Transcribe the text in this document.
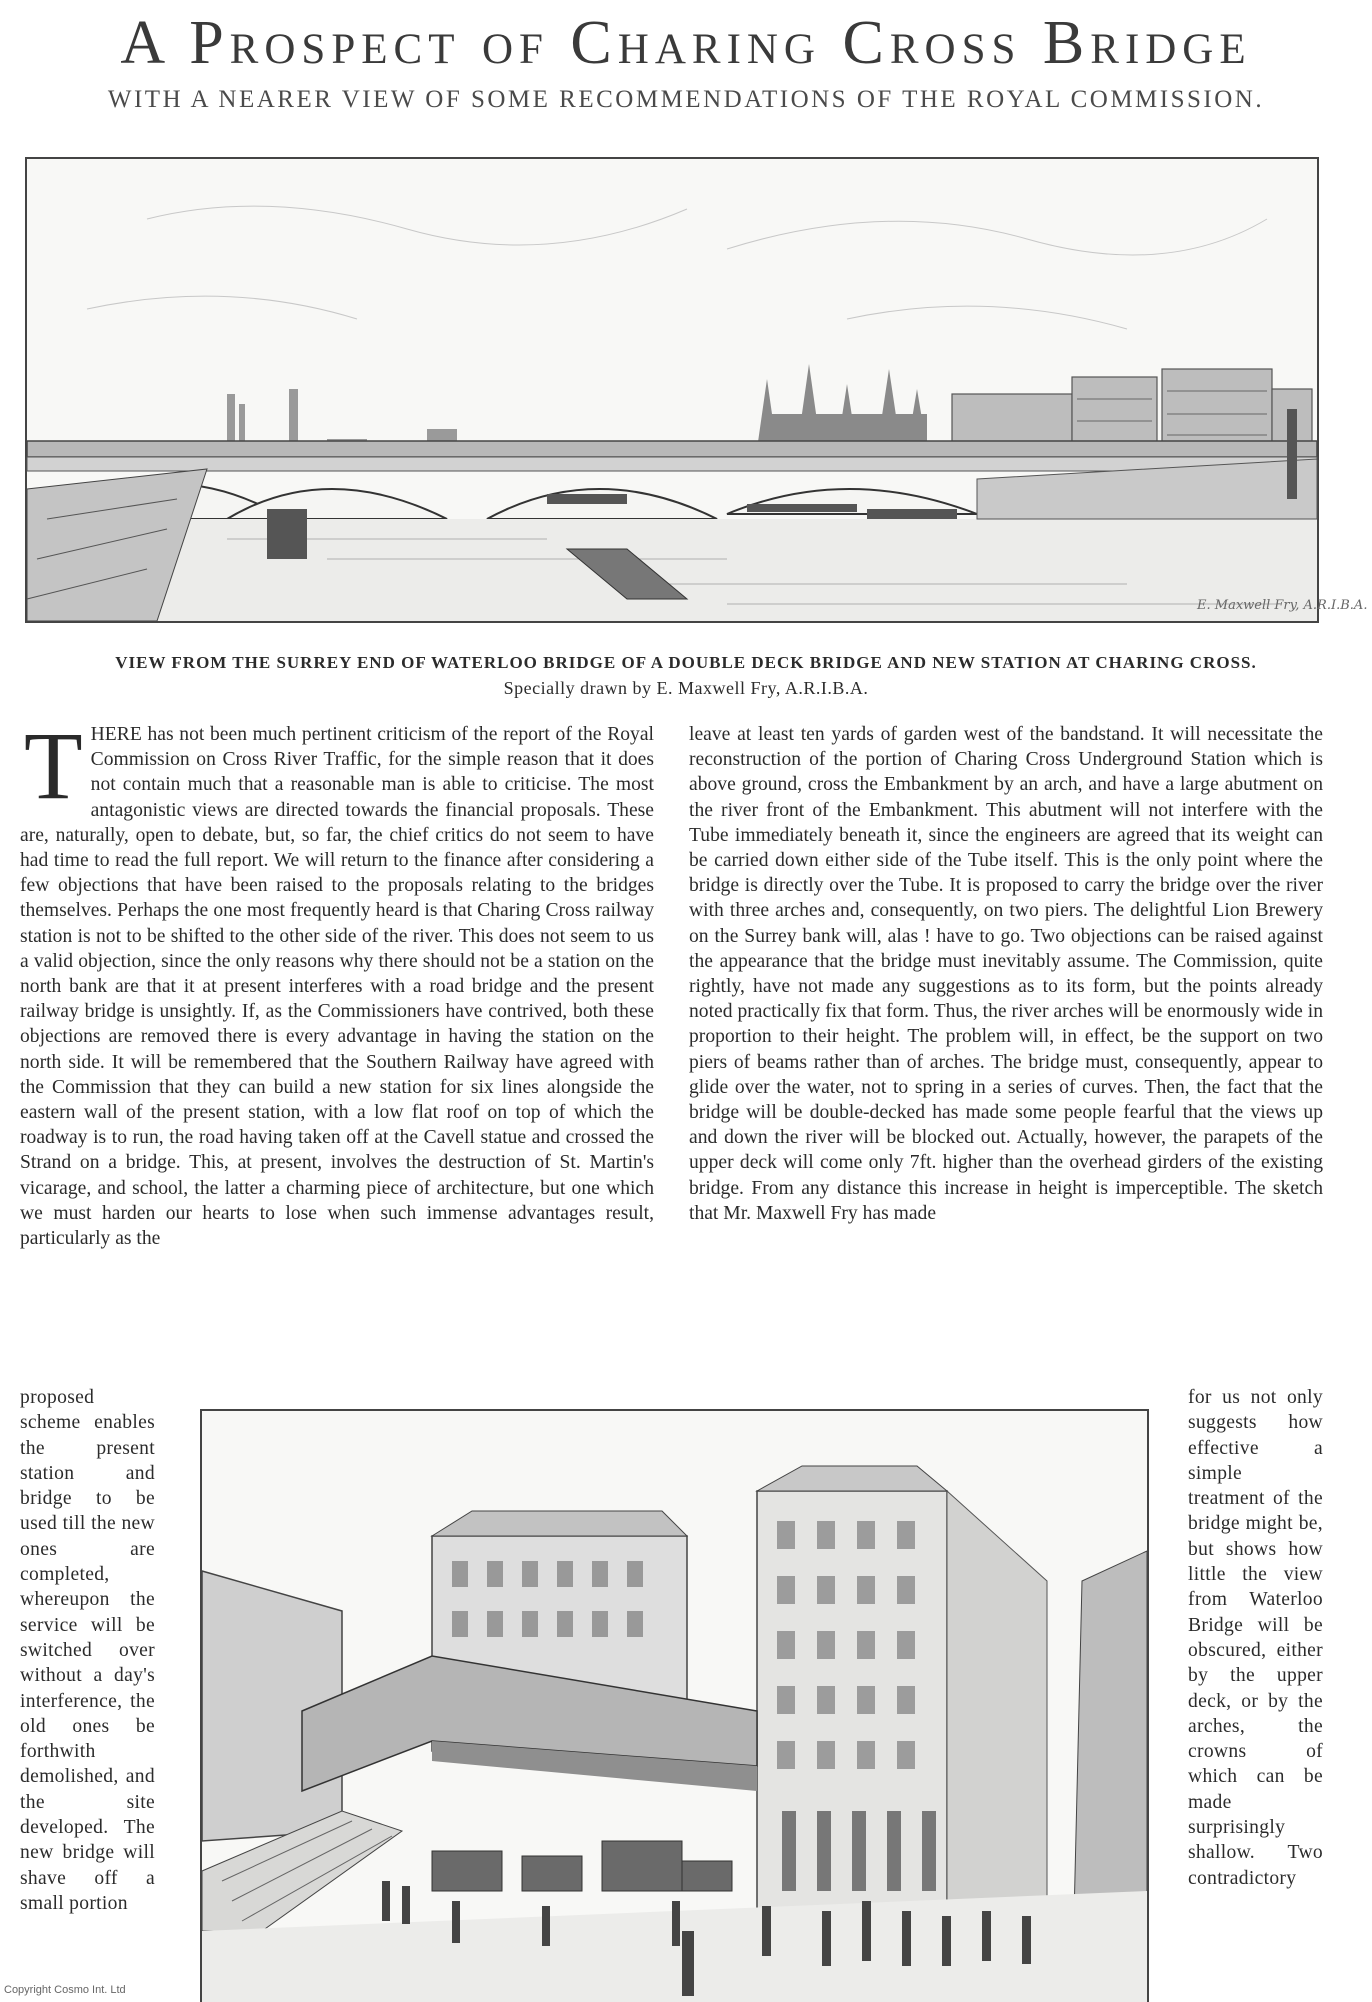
A Prospect of Charing Cross Bridge
WITH A NEARER VIEW OF SOME RECOMMENDATIONS OF THE ROYAL COMMISSION.
E. Maxwell Fry, A.R.I.B.A.
VIEW FROM THE SURREY END OF WATERLOO BRIDGE OF A DOUBLE DECK BRIDGE AND NEW STATION AT CHARING CROSS.
Specially drawn by E. Maxwell Fry, A.R.I.B.A.
T HERE has not been much pertinent criticism of the report of the Royal Commission on Cross River Traffic, for the simple reason that it does not contain much that a reasonable man is able to criticise. The most antagonistic views are directed towards the financial proposals. These are, naturally, open to debate, but, so far, the chief critics do not seem to have had time to read the full report. We will return to the finance after considering a few objections that have been raised to the proposals relating to the bridges themselves. Perhaps the one most frequently heard is that Charing Cross railway station is not to be shifted to the other side of the river. This does not seem to us a valid objection, since the only reasons why there should not be a station on the north bank are that it at present interferes with a road bridge and the present railway bridge is unsightly. If, as the Commissioners have contrived, both these objections are removed there is every advantage in having the station on the north side. It will be remembered that the Southern Railway have agreed with the Commission that they can build a new station for six lines alongside the eastern wall of the present station, with a low flat roof on top of which the roadway is to run, the road having taken off at the Cavell statue and crossed the Strand on a bridge. This, at present, involves the destruction of St. Martin's vicarage, and school, the latter a charming piece of architecture, but one which we must harden our hearts to lose when such immense advantages result, particularly as the

leave at least ten yards of garden west of the bandstand. It will necessitate the reconstruction of the portion of Charing Cross Underground Station which is above ground, cross the Embankment by an arch, and have a large abutment on the river front of the Embankment. This abutment will not interfere with the Tube immediately beneath it, since the engineers are agreed that its weight can be carried down either side of the Tube itself. This is the only point where the bridge is directly over the Tube. It is proposed to carry the bridge over the river with three arches and, consequently, on two piers. The delightful Lion Brewery on the Surrey bank will, alas ! have to go. Two objections can be raised against the appearance that the bridge must inevitably assume. The Commission, quite rightly, have not made any suggestions as to its form, but the points already noted practically fix that form. Thus, the river arches will be enormously wide in proportion to their height. The problem will, in effect, be the support on two piers of beams rather than of arches. The bridge must, consequently, appear to glide over the water, not to spring in a series of curves. Then, the fact that the bridge will be double-decked has made some people fearful that the views up and down the river will be blocked out. Actually, however, the parapets of the upper deck will come only 7ft. higher than the overhead girders of the existing bridge. From any distance this increase in height is imperceptible. The sketch that Mr. Maxwell Fry has made

proposed scheme enables the present station and bridge to be used till the new ones are completed, whereupon the service will be switched over without a day's interference, the old ones be forthwith demolished, and the site developed. The new bridge will shave off a small portion

for us not only suggests how effective a simple treatment of the bridge might be, but shows how little the view from Waterloo Bridge will be obscured, either by the upper deck, or by the arches, the crowns of which can be made surprisingly shallow. Two contradictory

Copyright Cosmo Int. Ltd
